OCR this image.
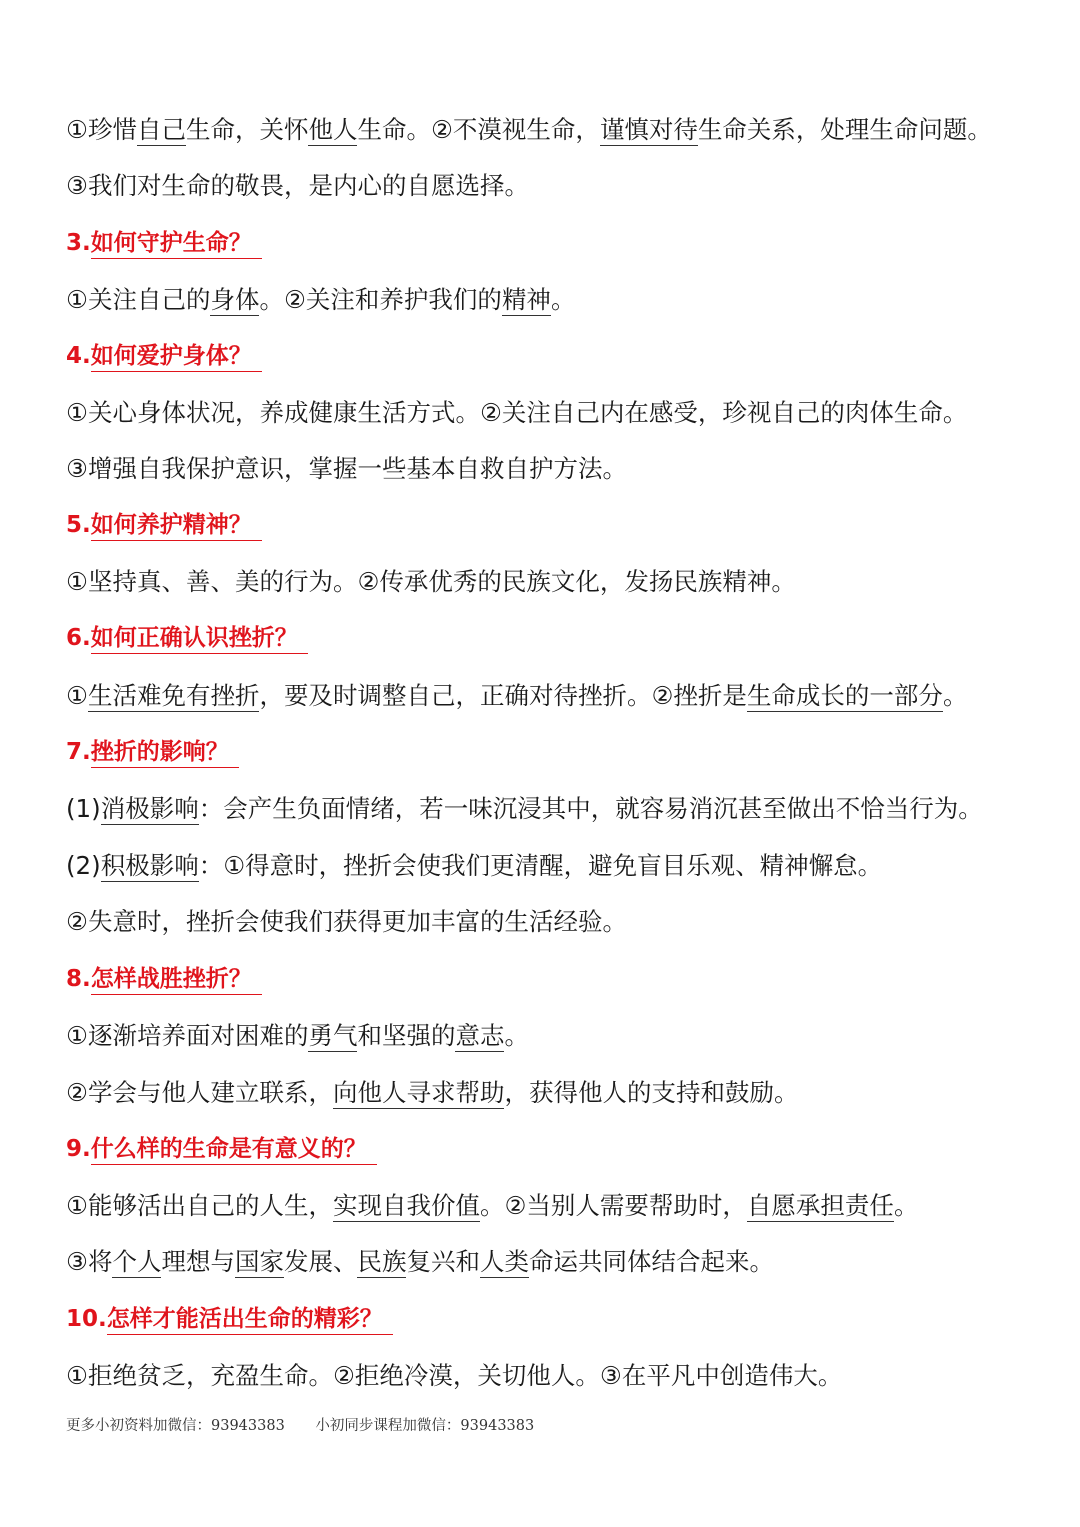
①珍惜自己生命，关怀他人生命。②不漠视生命，谨慎对待生命关系，处理生命问题。
③我们对生命的敬畏，是内心的自愿选择。
3.如何守护生命？
①关注自己的身体。②关注和养护我们的精神。
4.如何爱护身体？
①关心身体状况，养成健康生活方式。②关注自己内在感受，珍视自己的肉体生命。
③增强自我保护意识，掌握一些基本自救自护方法。
5.如何养护精神？
①坚持真、善、美的行为。②传承优秀的民族文化，发扬民族精神。
6.如何正确认识挫折？
①生活难免有挫折，要及时调整自己，正确对待挫折。②挫折是生命成长的一部分。
7.挫折的影响？
(1)消极影响：会产生负面情绪，若一味沉浸其中，就容易消沉甚至做出不恰当行为。
(2)积极影响：①得意时，挫折会使我们更清醒，避免盲目乐观、精神懈怠。
②失意时，挫折会使我们获得更加丰富的生活经验。
8.怎样战胜挫折？
①逐渐培养面对困难的勇气和坚强的意志。
②学会与他人建立联系，向他人寻求帮助，获得他人的支持和鼓励。
9.什么样的生命是有意义的？
①能够活出自己的人生，实现自我价值。②当别人需要帮助时，自愿承担责任。
③将个人理想与国家发展、民族复兴和人类命运共同体结合起来。
10.怎样才能活出生命的精彩？
①拒绝贫乏，充盈生命。②拒绝冷漠，关切他人。③在平凡中创造伟大。
更多小初资料加微信：93943383 小初同步课程加微信：93943383
